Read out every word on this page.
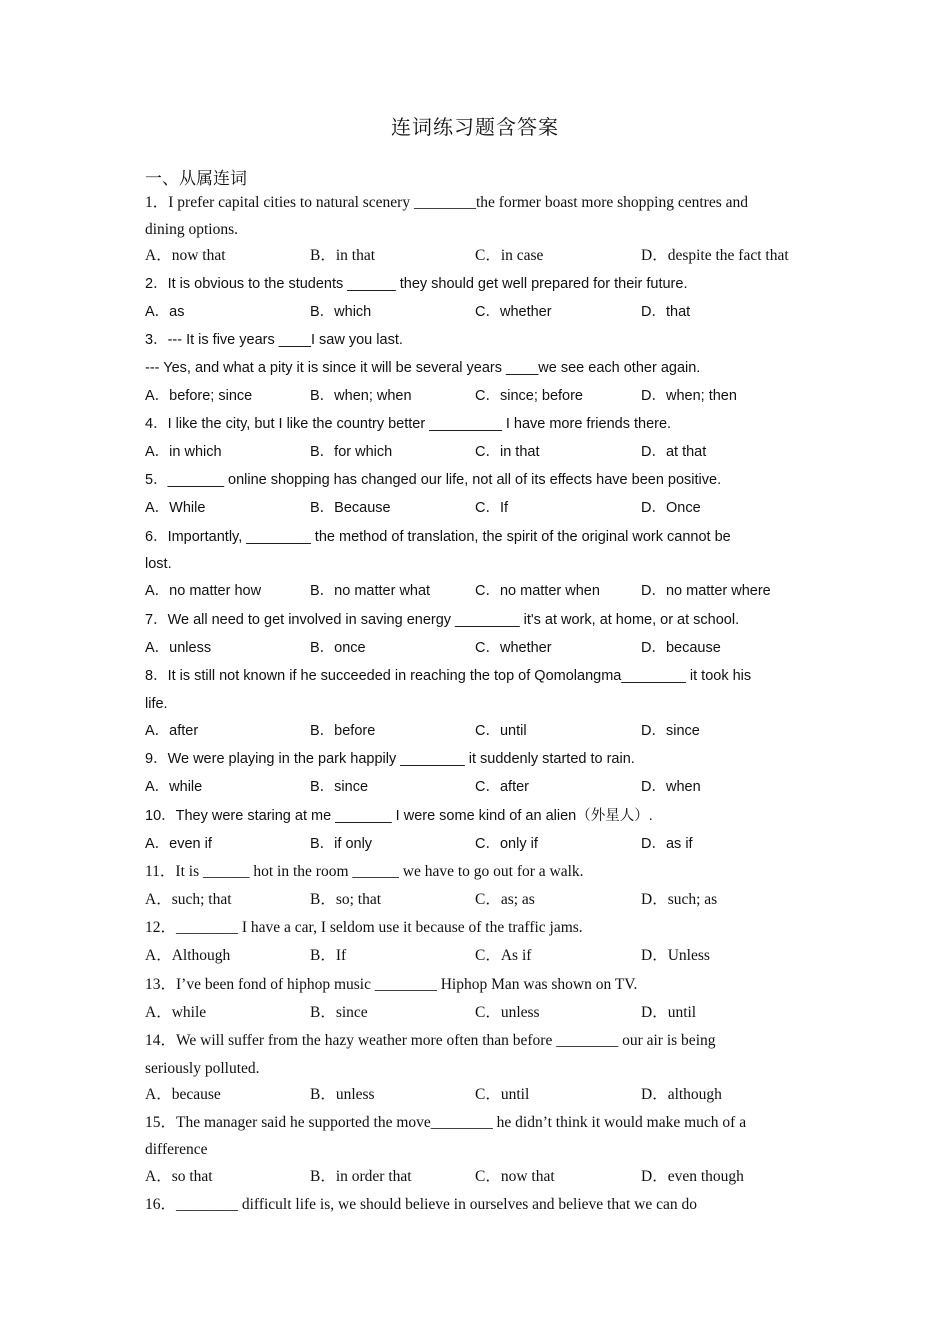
连词练习题含答案
一、从属连词
1．I prefer capital cities to natural scenery ________the former boast more shopping centres and
dining options.
A．now that	B．in that	C．in case	D．despite the fact that
2．It is obvious to the students ______ they should get well prepared for their future.
A．as	B．which	C．whether	D．that
3．--- It is five years ____I saw you last.
--- Yes, and what a pity it is since it will be several years ____we see each other again.
A．before; since	B．when; when	C．since; before	D．when; then
4．I like the city, but I like the country better _________ I have more friends there.
A．in which	B．for which	C．in that	D．at that
5．_______ online shopping has changed our life, not all of its effects have been positive.
A．While	B．Because	C．If	D．Once
6．Importantly, ________ the method of translation, the spirit of the original work cannot be
lost.
A．no matter how	B．no matter what	C．no matter when	D．no matter where
7．We all need to get involved in saving energy ________ it's at work, at home, or at school.
A．unless	B．once	C．whether	D．because
8．It is still not known if he succeeded in reaching the top of Qomolangma________ it took his
life.
A．after	B．before	C．until	D．since
9．We were playing in the park happily ________ it suddenly started to rain.
A．while	B．since	C．after	D．when
10．They were staring at me _______ I were some kind of an alien（外星人）.
A．even if	B．if only	C．only if	D．as if
11．It is ______ hot in the room ______ we have to go out for a walk.
A．such; that	B．so; that	C．as; as	D．such; as
12．________ I have a car, I seldom use it because of the traffic jams.
A．Although	B．If	C．As if	D．Unless
13．I’ve been fond of hiphop music ________ Hiphop Man was shown on TV.
A．while	B．since	C．unless	D．until
14．We will suffer from the hazy weather more often than before ________ our air is being
seriously polluted.
A．because	B．unless	C．until	D．although
15．The manager said he supported the move________ he didn’t think it would make much of a
difference
A．so that	B．in order that	C．now that	D．even though
16．________ difficult life is, we should believe in ourselves and believe that we can do
